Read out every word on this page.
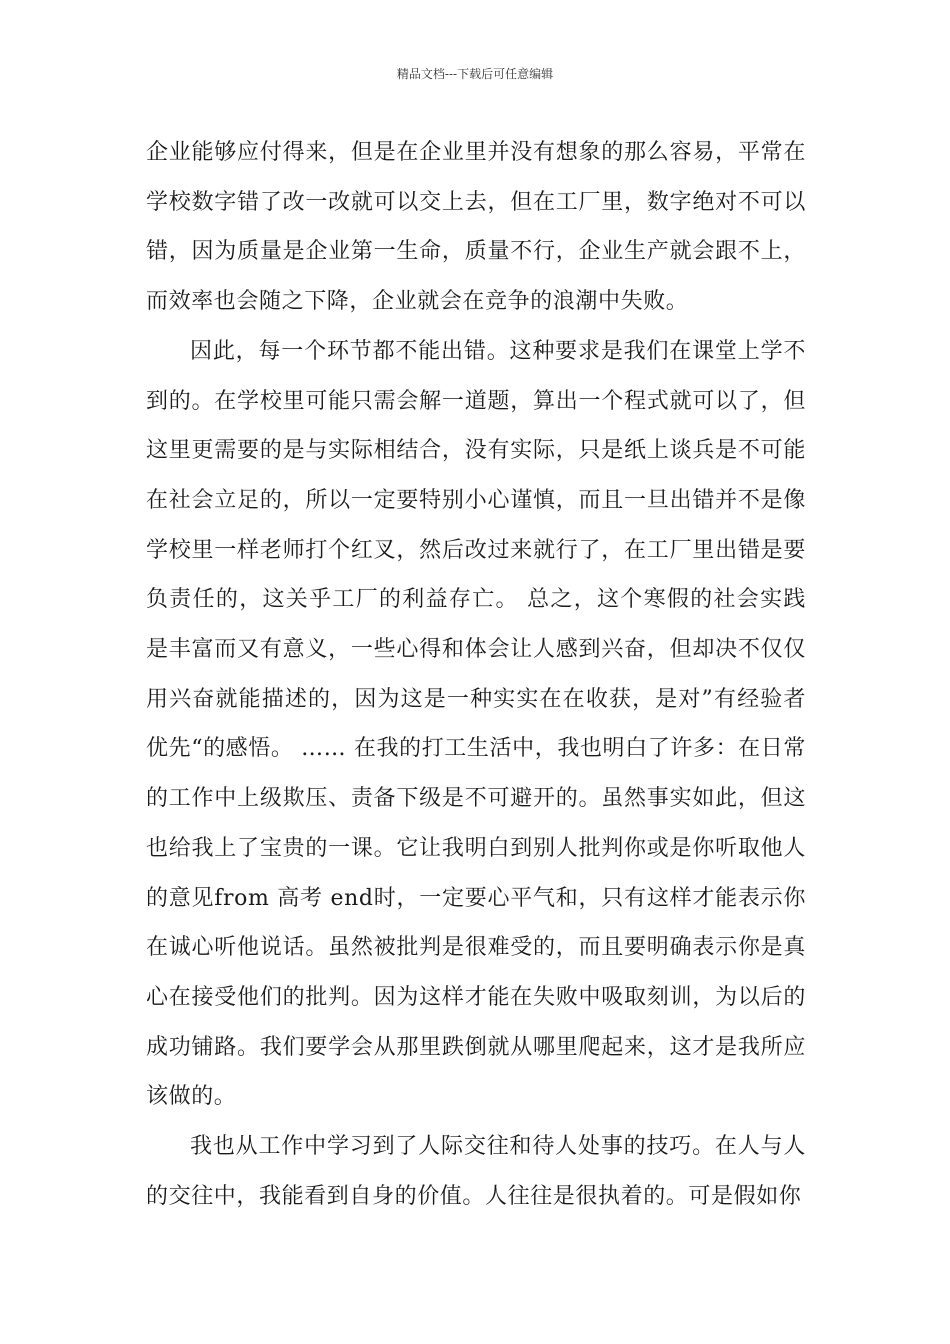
精品文档---下载后可任意编辑

企业能够应付得来，但是在企业里并没有想象的那么容易，平常在学校数字错了改一改就可以交上去，但在工厂里，数字绝对不可以错，因为质量是企业第一生命，质量不行，企业生产就会跟不上，而效率也会随之下降，企业就会在竞争的浪潮中失败。

因此，每一个环节都不能出错。这种要求是我们在课堂上学不到的。在学校里可能只需会解一道题，算出一个程式就可以了，但这里更需要的是与实际相结合，没有实际，只是纸上谈兵是不可能在社会立足的，所以一定要特别小心谨慎，而且一旦出错并不是像学校里一样老师打个红叉，然后改过来就行了，在工厂里出错是要负责任的，这关乎工厂的利益存亡。 总之，这个寒假的社会实践是丰富而又有意义，一些心得和体会让人感到兴奋，但却决不仅仅用兴奋就能描述的，因为这是一种实实在在收获，是对”有经验者优先“的感悟。 …… 在我的打工生活中，我也明白了许多：在日常的工作中上级欺压、责备下级是不可避开的。虽然事实如此，但这也给我上了宝贵的一课。它让我明白到别人批判你或是你听取他人的意见from 高考 end时，一定要心平气和，只有这样才能表示你在诚心听他说话。虽然被批判是很难受的，而且要明确表示你是真心在接受他们的批判。因为这样才能在失败中吸取刻训，为以后的成功铺路。我们要学会从那里跌倒就从哪里爬起来，这才是我所应该做的。

我也从工作中学习到了人际交往和待人处事的技巧。在人与人的交往中，我能看到自身的价值。人往往是很执着的。可是假如你
